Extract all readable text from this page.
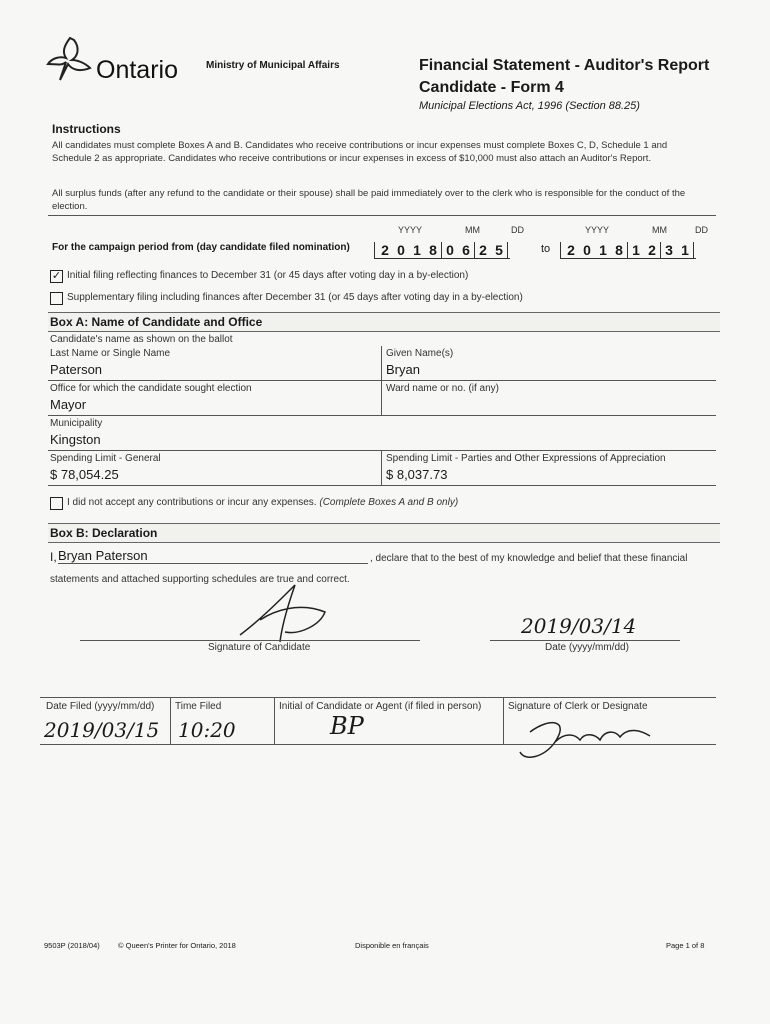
Ontario	Ministry of Municipal Affairs	Financial Statement - Auditor's Report
Candidate - Form 4
Municipal Elections Act, 1996 (Section 88.25)
Instructions
All candidates must complete Boxes A and B. Candidates who receive contributions or incur expenses must complete Boxes C, D, Schedule 1 and Schedule 2 as appropriate. Candidates who receive contributions or incur expenses in excess of $10,000 must also attach an Auditor's Report.
All surplus funds (after any refund to the candidate or their spouse) shall be paid immediately over to the clerk who is responsible for the conduct of the election.
YYYY	MM	DD	YYYY	MM	DD
For the campaign period from (day candidate filed nomination) 2 0 1 8 0 6 2 5	to 2 0 1 8 1 2 3 1
✓ Initial filing reflecting finances to December 31 (or 45 days after voting day in a by-election)
Supplementary filing including finances after December 31 (or 45 days after voting day in a by-election)
Box A: Name of Candidate and Office
Candidate's name as shown on the ballot
Last Name or Single Name
Paterson
Given Name(s)
Bryan
Office for which the candidate sought election
Mayor
Ward name or no. (if any)
Municipality
Kingston
Spending Limit - General
$ 78,054.25
Spending Limit - Parties and Other Expressions of Appreciation
$ 8,037.73
I did not accept any contributions or incur any expenses. (Complete Boxes A and B only)
Box B: Declaration
I, Bryan Paterson	, declare that to the best of my knowledge and belief that these financial
statements and attached supporting schedules are true and correct.
Signature of Candidate
2019/03/14
Date (yyyy/mm/dd)
Date Filed (yyyy/mm/dd) Time Filed	Initial of Candidate or Agent (if filed in person)	Signature of Clerk or Designate
2019/03/15 10:20	BP
9503P (2018/04) © Queen's Printer for Ontario, 2018	Disponible en français	Page 1 of 8
